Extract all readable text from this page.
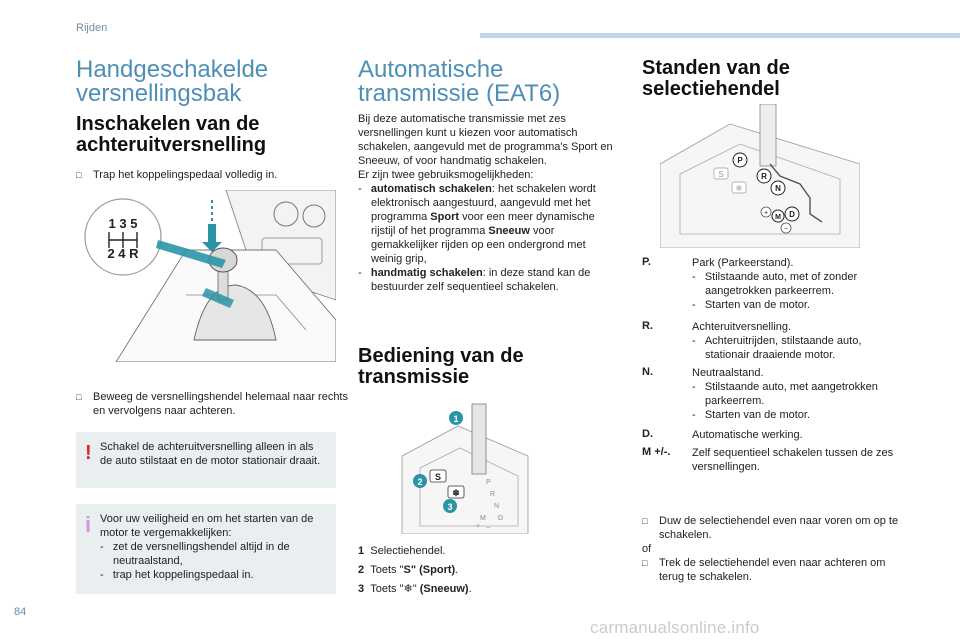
Rijden
Handgeschakelde versnellingsbak
Inschakelen van de achteruitversnelling
□ Trap het koppelingspedaal volledig in.
1 3 5
2 4 R
□ Beweeg de versnellingshendel helemaal naar rechts en vervolgens naar achteren.
! Schakel de achteruitversnelling alleen in als de auto stilstaat en de motor stationair draait.
i Voor uw veiligheid en om het starten van de motor te vergemakkelijken:
-   zet de versnellingshendel altijd in de neutraalstand,
-   trap het koppelingspedaal in.
Automatische transmissie (EAT6)
Bij deze automatische transmissie met zes versnellingen kunt u kiezen voor automatisch schakelen, aangevuld met de programma's Sport en Sneeuw, of voor handmatig schakelen.
Er zijn twee gebruiksmogelijkheden:
-   automatisch schakelen: het schakelen wordt elektronisch aangestuurd, aangevuld met het programma Sport voor een meer dynamische rijstijl of het programma Sneeuw voor gemakkelijker rijden op een ondergrond met weinig grip,
-   handmatig schakelen: in deze stand kan de bestuurder zelf sequentieel schakelen.
Bediening van de transmissie
1
2
3
S
❄
P
R
N
D
M
+ −
1 Selectiehendel.
2 Toets "S" (Sport).
3 Toets "❄" (Sneeuw).
Standen van de selectiehendel
S
❄
P
R
N
D
M
+
−
P.	Park (Parkeerstand).
-   Stilstaande auto, met of zonder aangetrokken parkeerrem.
-   Starten van de motor.
R.	Achteruitversnelling.
-   Achteruitrijden, stilstaande auto, stationair draaiende motor.
N.	Neutraalstand.
-   Stilstaande auto, met aangetrokken parkeerrem.
-   Starten van de motor.
D.	Automatische werking.
M +/-.	Zelf sequentieel schakelen tussen de zes versnellingen.
□ Duw de selectiehendel even naar voren om op te schakelen.
of
□ Trek de selectiehendel even naar achteren om terug te schakelen.
84
carmanualsonline.info
